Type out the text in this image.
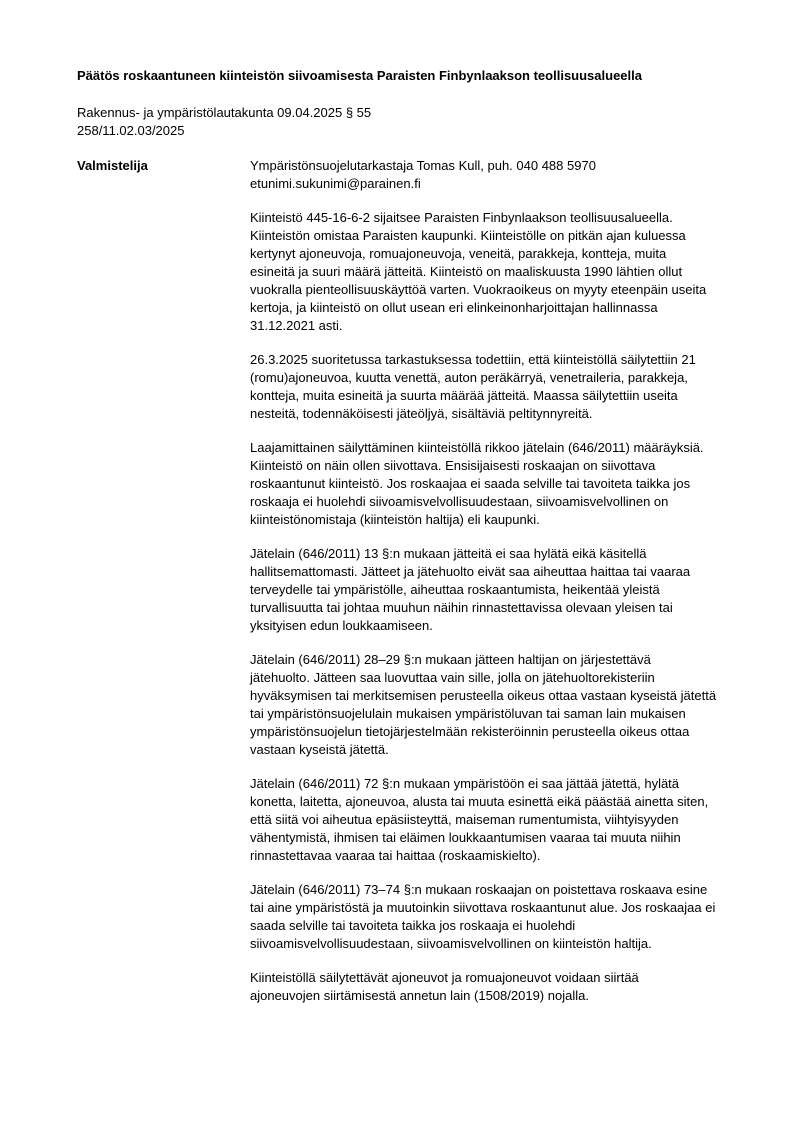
Päätös roskaantuneen kiinteistön siivoamisesta Paraisten Finbynlaakson teollisuusalueella
Rakennus- ja ympäristölautakunta 09.04.2025 § 55
258/11.02.03/2025
Valmistelija	Ympäristönsuojelutarkastaja Tomas Kull, puh. 040 488 5970
etunimi.sukunimi@parainen.fi
Kiinteistö 445-16-6-2 sijaitsee Paraisten Finbynlaakson teollisuusalueella.
Kiinteistön omistaa Paraisten kaupunki. Kiinteistölle on pitkän ajan kuluessa
kertynyt ajoneuvoja, romuajoneuvoja, veneitä, parakkeja, kontteja, muita
esineitä ja suuri määrä jätteitä. Kiinteistö on maaliskuusta 1990 lähtien ollut
vuokralla pienteollisuuskäyttöä varten. Vuokraoikeus on myyty eteenpäin useita
kertoja, ja kiinteistö on ollut usean eri elinkeinonharjoittajan hallinnassa
31.12.2021 asti.
26.3.2025 suoritetussa tarkastuksessa todettiin, että kiinteistöllä säilytettiin 21
(romu)ajoneuvoa, kuutta venettä, auton peräkärryä, venetraileria, parakkeja,
kontteja, muita esineitä ja suurta määrää jätteitä. Maassa säilytettiin useita
nesteitä, todennäköisesti jäteöljyä, sisältäviä peltitynnyreitä.
Laajamittainen säilyttäminen kiinteistöllä rikkoo jätelain (646/2011) määräyksiä.
Kiinteistö on näin ollen siivottava. Ensisijaisesti roskaajan on siivottava
roskaantunut kiinteistö. Jos roskaajaa ei saada selville tai tavoiteta taikka jos
roskaaja ei huolehdi siivoamisvelvollisuudestaan, siivoamisvelvollinen on
kiinteistönomistaja (kiinteistön haltija) eli kaupunki.
Jätelain (646/2011) 13 §:n mukaan jätteitä ei saa hylätä eikä käsitellä
hallitsemattomasti. Jätteet ja jätehuolto eivät saa aiheuttaa haittaa tai vaaraa
terveydelle tai ympäristölle, aiheuttaa roskaantumista, heikentää yleistä
turvallisuutta tai johtaa muuhun näihin rinnastettavissa olevaan yleisen tai
yksityisen edun loukkaamiseen.
Jätelain (646/2011) 28–29 §:n mukaan jätteen haltijan on järjestettävä
jätehuolto. Jätteen saa luovuttaa vain sille, jolla on jätehuoltorekisteriin
hyväksymisen tai merkitsemisen perusteella oikeus ottaa vastaan kyseistä jätettä
tai ympäristönsuojelulain mukaisen ympäristöluvan tai saman lain mukaisen
ympäristönsuojelun tietojärjestelmään rekisteröinnin perusteella oikeus ottaa
vastaan kyseistä jätettä.
Jätelain (646/2011) 72 §:n mukaan ympäristöön ei saa jättää jätettä, hylätä
konetta, laitetta, ajoneuvoa, alusta tai muuta esinettä eikä päästää ainetta siten,
että siitä voi aiheutua epäsiisteyttä, maiseman rumentumista, viihtyisyyden
vähentymistä, ihmisen tai eläimen loukkaantumisen vaaraa tai muuta niihin
rinnastettavaa vaaraa tai haittaa (roskaamiskielto).
Jätelain (646/2011) 73–74 §:n mukaan roskaajan on poistettava roskaava esine
tai aine ympäristöstä ja muutoinkin siivottava roskaantunut alue. Jos roskaajaa ei
saada selville tai tavoiteta taikka jos roskaaja ei huolehdi
siivoamisvelvollisuudestaan, siivoamisvelvollinen on kiinteistön haltija.
Kiinteistöllä säilytettävät ajoneuvot ja romuajoneuvot voidaan siirtää
ajoneuvojen siirtämisestä annetun lain (1508/2019) nojalla.
